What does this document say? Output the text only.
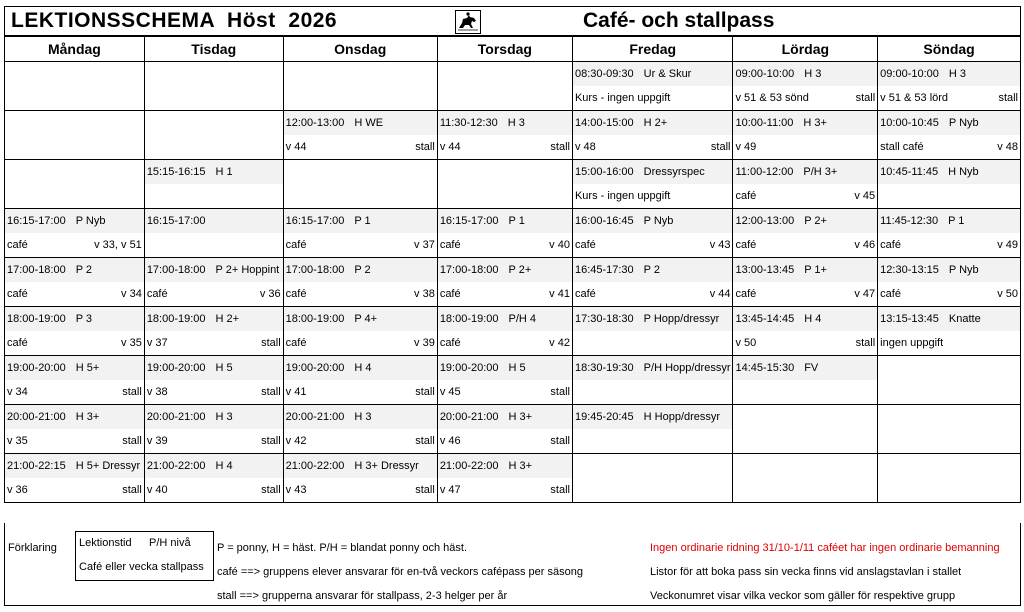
LEKTIONSSCHEMA  Höst  2026	Café- och stallpass
Måndag	Tisdag	Onsdag	Torsdag	Fredag	Lördag	Söndag

				08:30-09:30 Ur & Skur	09:00-10:00 H 3	09:00-10:00 H 3

				Kurs - ingen uppgift	v 51 & 53 sönd stall	v 51 & 53 lörd stall

		12:00-13:00 H WE	11:30-12:30 H 3	14:00-15:00 H 2+	10:00-11:00 H 3+	10:00-10:45 P Nyb

		v 44 stall	v 44 stall	v 48 stall	v 49	stall café v 48

	15:15-16:15 H 1			15:00-16:00 Dressyrspec	11:00-12:00 P/H 3+	10:45-11:45 H Nyb

				Kurs - ingen uppgift	café v 45	

16:15-17:00 P Nyb	16:15-17:00	16:15-17:00 P 1	16:15-17:00 P 1	16:00-16:45 P Nyb	12:00-13:00 P 2+	11:45-12:30 P 1

café v 33, v 51		café v 37	café v 40	café v 43	café v 46	café v 49

17:00-18:00 P 2	17:00-18:00 P 2+ Hoppint	17:00-18:00 P 2	17:00-18:00 P 2+	16:45-17:30 P 2	13:00-13:45 P 1+	12:30-13:15 P Nyb

café v 34	café v 36	café v 38	café v 41	café v 44	café v 47	café v 50

18:00-19:00 P 3	18:00-19:00 H 2+	18:00-19:00 P 4+	18:00-19:00 P/H 4	17:30-18:30 P Hopp/dressyr	13:45-14:45 H 4	13:15-13:45 Knatte

café v 35	v 37 stall	café v 39	café v 42		v 50 stall	ingen uppgift

19:00-20:00 H 5+	19:00-20:00 H 5	19:00-20:00 H 4	19:00-20:00 H 5	18:30-19:30 P/H Hopp/dressyr	14:45-15:30 FV	

v 34 stall	v 38 stall	v 41 stall	v 45 stall			

20:00-21:00 H 3+	20:00-21:00 H 3	20:00-21:00 H 3	20:00-21:00 H 3+	19:45-20:45 H Hopp/dressyr		

v 35 stall	v 39 stall	v 42 stall	v 46 stall			

21:00-22:15 H 5+ Dressyr	21:00-22:00 H 4	21:00-22:00 H 3+ Dressyr	21:00-22:00 H 3+			

v 36 stall	v 40 stall	v 43 stall	v 47 stall			

Förklaring Lektionstid P/H nivå
Café eller vecka stallpass
P = ponny, H = häst. P/H = blandat ponny och häst.
café ==> gruppens elever ansvarar för en-två veckors cafépass per säsong
stall ==> grupperna ansvarar för stallpass, 2-3 helger per år
Ingen ordinarie ridning 31/10-1/11 caféet har ingen ordinarie bemanning
Listor för att boka pass sin vecka finns vid anslagstavlan i stallet
Veckonumret visar vilka veckor som gäller för respektive grupp
